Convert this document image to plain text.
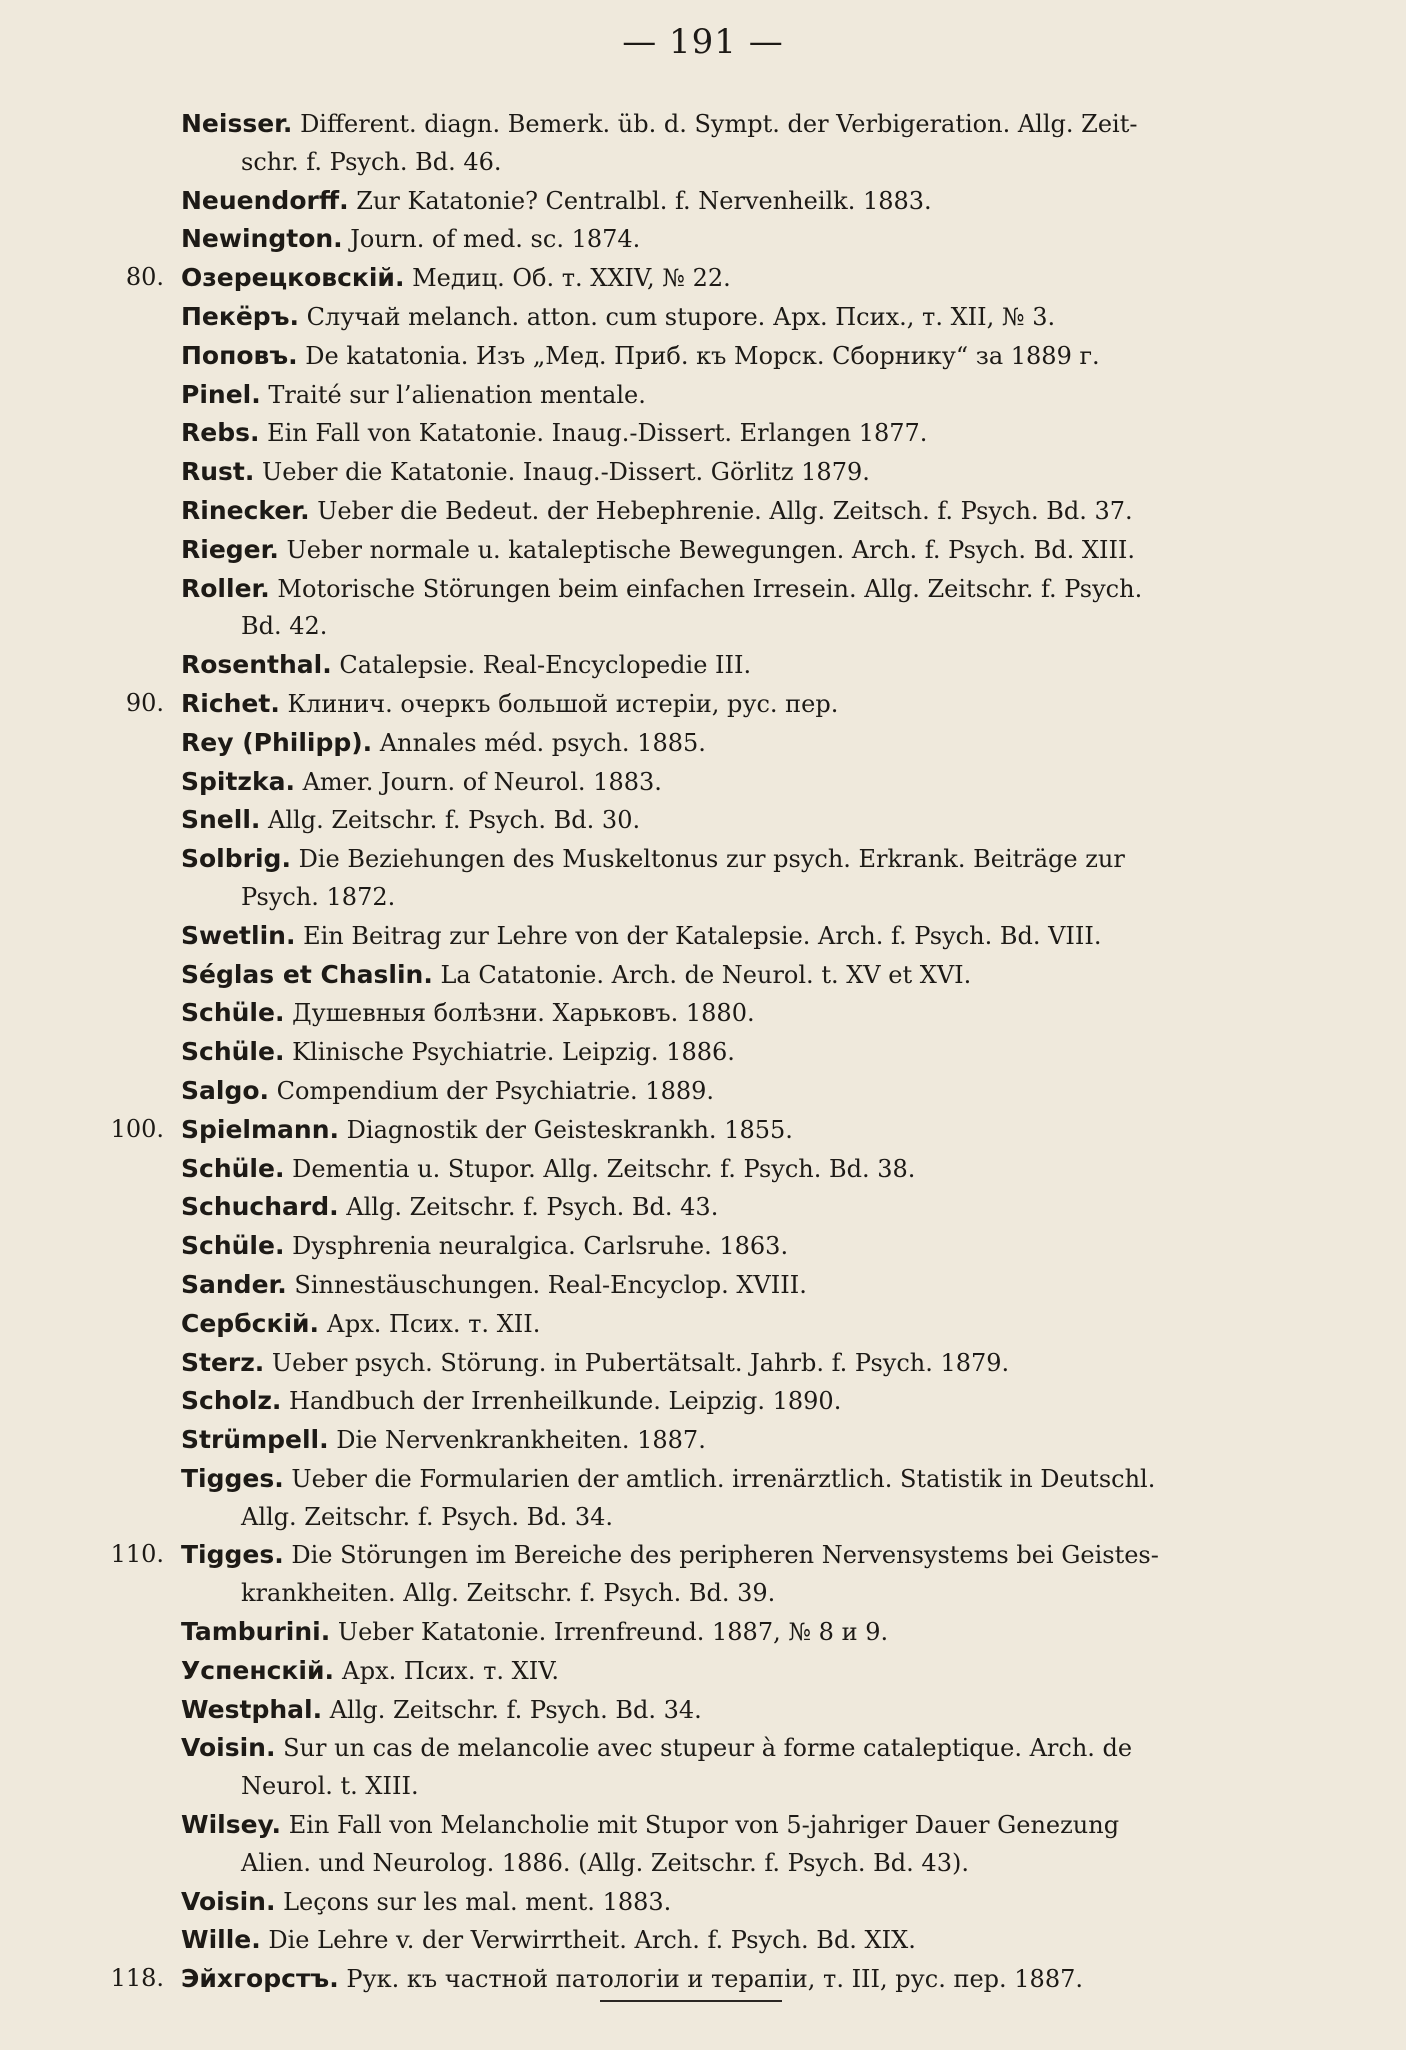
— 191 —
Neisser. Different. diagn. Bemerk. üb. d. Sympt. der Verbigeration. Allg. Zeit-
schr. f. Psych. Bd. 46.
Neuendorff. Zur Katatonie? Centralbl. f. Nervenheilk. 1883.
Newington. Journ. of med. sc. 1874.
80. Озерецковскій. Медиц. Об. т. XXIV, № 22.
Пекёръ. Случай melanch. atton. cum stupore. Арх. Псих., т. XII, № 3.
Поповъ. De katatonia. Изъ „Мед. Приб. къ Морск. Сборнику“ за 1889 г.
Pinel. Traité sur l’alienation mentale.
Rebs. Ein Fall von Katatonie. Inaug.-Dissert. Erlangen 1877.
Rust. Ueber die Katatonie. Inaug.-Dissert. Görlitz 1879.
Rinecker. Ueber die Bedeut. der Hebephrenie. Allg. Zeitsch. f. Psych. Bd. 37.
Rieger. Ueber normale u. kataleptische Bewegungen. Arch. f. Psych. Bd. XIII.
Roller. Motorische Störungen beim einfachen Irresein. Allg. Zeitschr. f. Psych.
Bd. 42.
Rosenthal. Catalepsie. Real-Encyclopedie III.
90. Richet. Клинич. очеркъ большой истеріи, рус. пер.
Rey (Philipp). Annales méd. psych. 1885.
Spitzka. Amer. Journ. of Neurol. 1883.
Snell. Allg. Zeitschr. f. Psych. Bd. 30.
Solbrig. Die Beziehungen des Muskeltonus zur psych. Erkrank. Beiträge zur
Psych. 1872.
Swetlin. Ein Beitrag zur Lehre von der Katalepsie. Arch. f. Psych. Bd. VIII.
Séglas et Chaslin. La Catatonie. Arch. de Neurol. t. XV et XVI.
Schüle. Душевныя болѣзни. Харьковъ. 1880.
Schüle. Klinische Psychiatrie. Leipzig. 1886.
Salgo. Compendium der Psychiatrie. 1889.
100. Spielmann. Diagnostik der Geisteskrankh. 1855.
Schüle. Dementia u. Stupor. Allg. Zeitschr. f. Psych. Bd. 38.
Schuchard. Allg. Zeitschr. f. Psych. Bd. 43.
Schüle. Dysphrenia neuralgica. Carlsruhe. 1863.
Sander. Sinnestäuschungen. Real-Encyclop. XVIII.
Сербскій. Арх. Псих. т. XII.
Sterz. Ueber psych. Störung. in Pubertätsalt. Jahrb. f. Psych. 1879.
Scholz. Handbuch der Irrenheilkunde. Leipzig. 1890.
Strümpell. Die Nervenkrankheiten. 1887.
Tigges. Ueber die Formularien der amtlich. irrenärztlich. Statistik in Deutschl.
Allg. Zeitschr. f. Psych. Bd. 34.
110. Tigges. Die Störungen im Bereiche des peripheren Nervensystems bei Geistes-
krankheiten. Allg. Zeitschr. f. Psych. Bd. 39.
Tamburini. Ueber Katatonie. Irrenfreund. 1887, № 8 и 9.
Успенскій. Арх. Псих. т. XIV.
Westphal. Allg. Zeitschr. f. Psych. Bd. 34.
Voisin. Sur un cas de melancolie avec stupeur à forme cataleptique. Arch. de
Neurol. t. XIII.
Wilsey. Ein Fall von Melancholie mit Stupor von 5-jahriger Dauer Genezung
Alien. und Neurolog. 1886. (Allg. Zeitschr. f. Psych. Bd. 43).
Voisin. Leçons sur les mal. ment. 1883.
Wille. Die Lehre v. der Verwirrtheit. Arch. f. Psych. Bd. XIX.
118. Эйхгорстъ. Рук. къ частной патологіи и терапіи, т. III, рус. пер. 1887.
